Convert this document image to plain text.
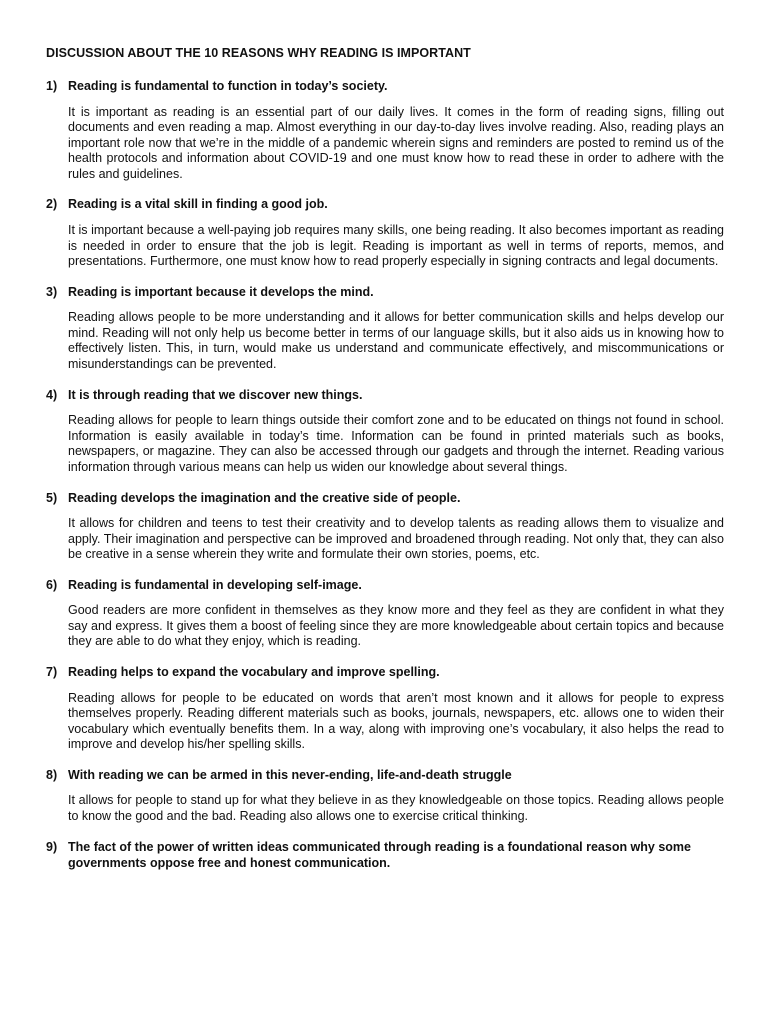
DISCUSSION ABOUT THE 10 REASONS WHY READING IS IMPORTANT
1) Reading is fundamental to function in today’s society.
It is important as reading is an essential part of our daily lives. It comes in the form of reading signs, filling out documents and even reading a map. Almost everything in our day-to-day lives involve reading. Also, reading plays an important role now that we’re in the middle of a pandemic wherein signs and reminders are posted to remind us of the health protocols and information about COVID-19 and one must know how to read these in order to adhere with the rules and guidelines.
2) Reading is a vital skill in finding a good job.
It is important because a well-paying job requires many skills, one being reading. It also becomes important as reading is needed in order to ensure that the job is legit. Reading is important as well in terms of reports, memos, and presentations. Furthermore, one must know how to read properly especially in signing contracts and legal documents.
3) Reading is important because it develops the mind.
Reading allows people to be more understanding and it allows for better communication skills and helps develop our mind. Reading will not only help us become better in terms of our language skills, but it also aids us in knowing how to effectively listen. This, in turn, would make us understand and communicate effectively, and miscommunications or misunderstandings can be prevented.
4) It is through reading that we discover new things.
Reading allows for people to learn things outside their comfort zone and to be educated on things not found in school. Information is easily available in today’s time. Information can be found in printed materials such as books, newspapers, or magazine. They can also be accessed through our gadgets and through the internet. Reading various information through various means can help us widen our knowledge about several things.
5) Reading develops the imagination and the creative side of people.
It allows for children and teens to test their creativity and to develop talents as reading allows them to visualize and apply. Their imagination and perspective can be improved and broadened through reading. Not only that, they can also be creative in a sense wherein they write and formulate their own stories, poems, etc.
6) Reading is fundamental in developing self-image.
Good readers are more confident in themselves as they know more and they feel as they are confident in what they say and express. It gives them a boost of feeling since they are more knowledgeable about certain topics and because they are able to do what they enjoy, which is reading.
7) Reading helps to expand the vocabulary and improve spelling.
Reading allows for people to be educated on words that aren’t most known and it allows for people to express themselves properly. Reading different materials such as books, journals, newspapers, etc. allows one to widen their vocabulary which eventually benefits them. In a way, along with improving one’s vocabulary, it also helps the read to improve and develop his/her spelling skills.
8) With reading we can be armed in this never-ending, life-and-death struggle
It allows for people to stand up for what they believe in as they knowledgeable on those topics. Reading allows people to know the good and the bad. Reading also allows one to exercise critical thinking.
9) The fact of the power of written ideas communicated through reading is a foundational reason why some governments oppose free and honest communication.
